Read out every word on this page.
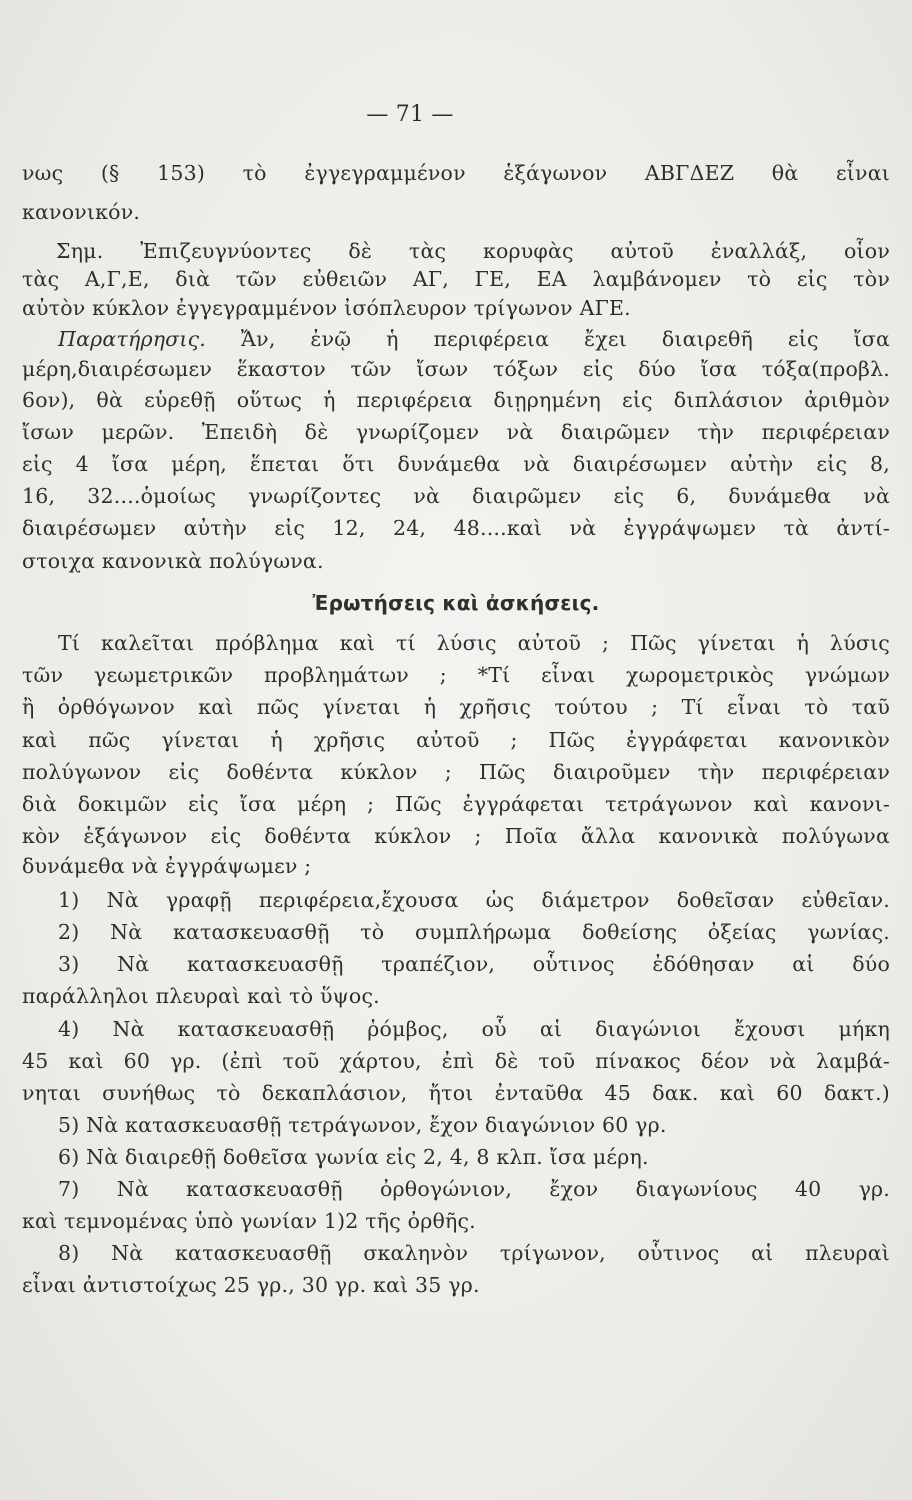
— 71 —
νως (§ 153) τὸ ἐγγεγραμμένον ἑξάγωνον ΑΒΓΔΕΖ θὰ εἶναι
κανονικόν.
Σημ. Ἐπιζευγνύοντες δὲ τὰς κορυφὰς αὐτοῦ ἐναλλάξ, οἷον
τὰς Α,Γ,Ε, διὰ τῶν εὐθειῶν ΑΓ, ΓΕ, ΕΑ λαμβάνομεν τὸ εἰς τὸν
αὐτὸν κύκλον ἐγγεγραμμένον ἰσόπλευρον τρίγωνον ΑΓΕ.
Παρατήρησις. Ἄν, ἐνῷ ἡ περιφέρεια ἔχει διαιρεθῆ εἰς ἴσα
μέρη,διαιρέσωμεν ἕκαστον τῶν ἴσων τόξων εἰς δύο ἴσα τόξα(προβλ.
6ον), θὰ εὑρεθῇ οὕτως ἡ περιφέρεια διῃρημένη εἰς διπλάσιον ἀριθμὸν
ἴσων μερῶν. Ἐπειδὴ δὲ γνωρίζομεν νὰ διαιρῶμεν τὴν περιφέρειαν
εἰς 4 ἴσα μέρη, ἕπεται ὅτι δυνάμεθα νὰ διαιρέσωμεν αὐτὴν εἰς 8,
16, 32....ὁμοίως γνωρίζοντες νὰ διαιρῶμεν εἰς 6, δυνάμεθα νὰ
διαιρέσωμεν αὐτὴν εἰς 12, 24, 48....καὶ νὰ ἐγγράψωμεν τὰ ἀντί-
στοιχα κανονικὰ πολύγωνα.
Ἐρωτήσεις καὶ ἀσκήσεις.
Τί καλεῖται πρόβλημα καὶ τί λύσις αὐτοῦ ; Πῶς γίνεται ἡ λύσις
τῶν γεωμετρικῶν προβλημάτων ; *Τί εἶναι χωρομετρικὸς γνώμων
ἢ ὀρθόγωνον καὶ πῶς γίνεται ἡ χρῆσις τούτου ; Τί εἶναι τὸ ταῦ
καὶ πῶς γίνεται ἡ χρῆσις αὐτοῦ ; Πῶς ἐγγράφεται κανονικὸν
πολύγωνον εἰς δοθέντα κύκλον ; Πῶς διαιροῦμεν τὴν περιφέρειαν
διὰ δοκιμῶν εἰς ἴσα μέρη ; Πῶς ἐγγράφεται τετράγωνον καὶ κανονι-
κὸν ἑξάγωνον εἰς δοθέντα κύκλον ; Ποῖα ἄλλα κανονικὰ πολύγωνα
δυνάμεθα νὰ ἐγγράψωμεν ;
1) Νὰ γραφῇ περιφέρεια,ἔχουσα ὡς διάμετρον δοθεῖσαν εὐθεῖαν.
2) Νὰ κατασκευασθῇ τὸ συμπλήρωμα δοθείσης ὀξείας γωνίας.
3) Νὰ κατασκευασθῇ τραπέζιον, οὗτινος ἐδόθησαν αἱ δύο
παράλληλοι πλευραὶ καὶ τὸ ὕψος.
4) Νὰ κατασκευασθῇ ῥόμβος, οὗ αἱ διαγώνιοι ἔχουσι μήκη
45 καὶ 60 γρ. (ἐπὶ τοῦ χάρτου, ἐπὶ δὲ τοῦ πίνακος δέον νὰ λαμβά-
νηται συνήθως τὸ δεκαπλάσιον, ἤτοι ἐνταῦθα 45 δακ. καὶ 60 δακτ.)
5) Νὰ κατασκευασθῇ τετράγωνον, ἔχον διαγώνιον 60 γρ.
6) Νὰ διαιρεθῇ δοθεῖσα γωνία εἰς 2, 4, 8 κλπ. ἴσα μέρη.
7) Νὰ κατασκευασθῇ ὀρθογώνιον, ἔχον διαγωνίους 40 γρ.
καὶ τεμνομένας ὑπὸ γωνίαν 1)2 τῆς ὀρθῆς.
8) Νὰ κατασκευασθῇ σκαληνὸν τρίγωνον, οὗτινος αἱ πλευραὶ
εἶναι ἀντιστοίχως 25 γρ., 30 γρ. καὶ 35 γρ.
